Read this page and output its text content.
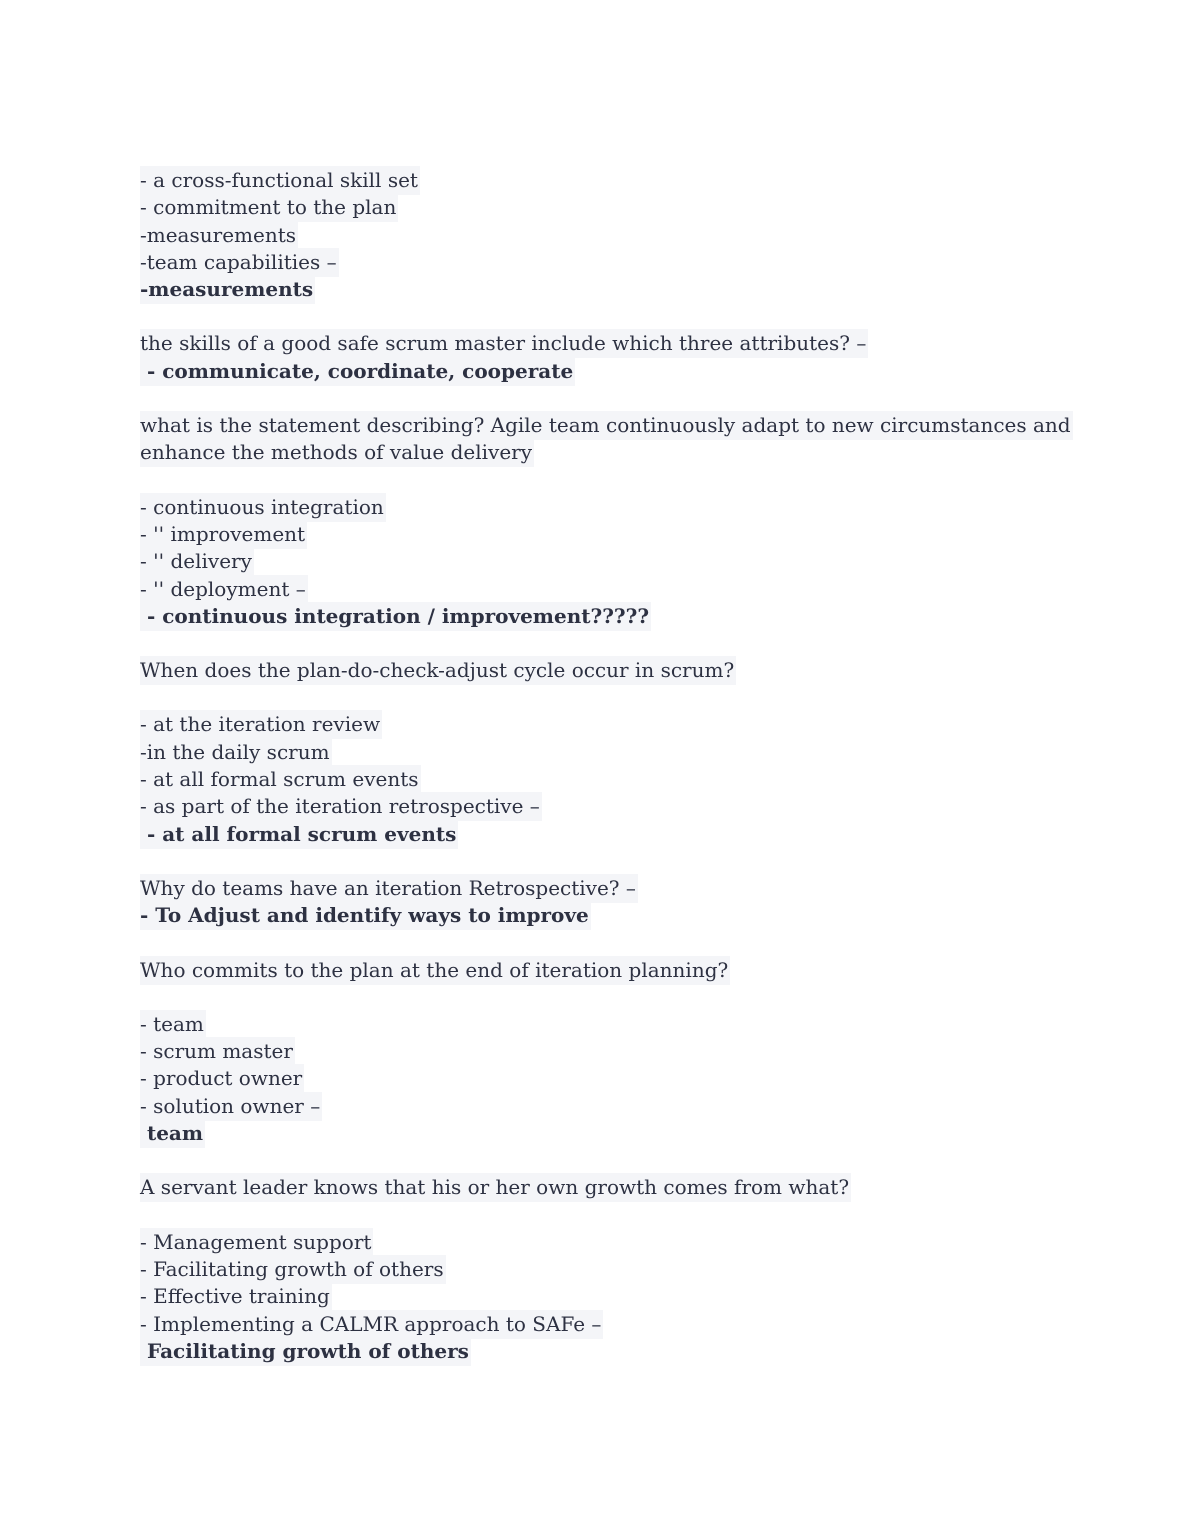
- a cross-functional skill set
- commitment to the plan
-measurements
-team capabilities –
-measurements
the skills of a good safe scrum master include which three attributes? –
- communicate, coordinate, cooperate
what is the statement describing? Agile team continuously adapt to new circumstances and
enhance the methods of value delivery
- continuous integration
- '' improvement
- '' delivery
- '' deployment –
- continuous integration / improvement?????
When does the plan-do-check-adjust cycle occur in scrum?
- at the iteration review
-in the daily scrum
- at all formal scrum events
- as part of the iteration retrospective –
- at all formal scrum events
Why do teams have an iteration Retrospective? –
- To Adjust and identify ways to improve
Who commits to the plan at the end of iteration planning?
- team
- scrum master
- product owner
- solution owner –
team
A servant leader knows that his or her own growth comes from what?
- Management support
- Facilitating growth of others
- Effective training
- Implementing a CALMR approach to SAFe –
Facilitating growth of others
